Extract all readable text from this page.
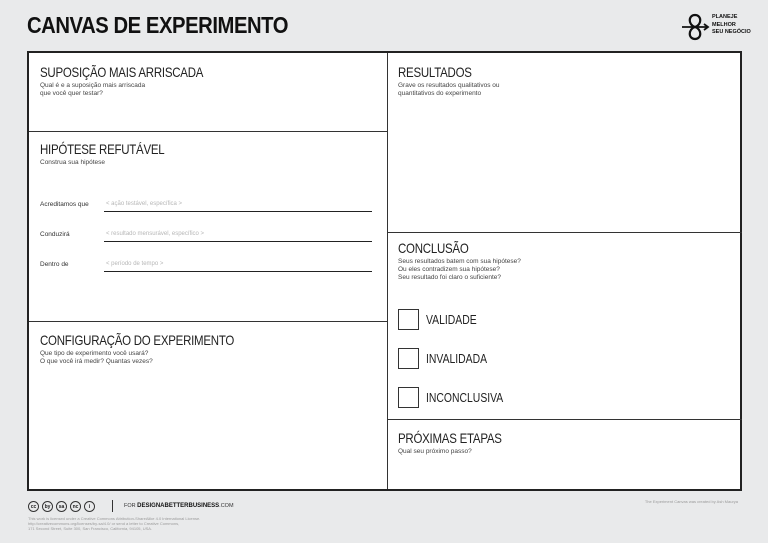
CANVAS DE EXPERIMENTO	PLANEJE
MELHOR
SEU NEGÓCIO
SUPOSIÇÃO MAIS ARRISCADA
Qual é e a suposição mais arriscada
que você quer testar?
HIPÓTESE REFUTÁVEL
Construa sua hipótese
Acreditamos que	< ação testável, específica >
Conduzirá	< resultado mensurável, específico >
Dentro de	< período de tempo >
CONFIGURAÇÃO DO EXPERIMENTO
Que tipo de experimento você usará?
O que você irá medir? Quantas vezes?
RESULTADOS
Grave os resultados qualitativos ou
quantitativos do experimento
CONCLUSÃO
Seus resultados batem com sua hipótese?
Ou eles contradizem sua hipótese?
Seu resultado foi claro o suficiente?
VALIDADE
INVALIDADA
INCONCLUSIVA
PRÓXIMAS ETAPAS
Qual seu próximo passo?
cc	by	sa	nc	i	FOR DESIGNABETTERBUSINESS.COM
This work is licensed under a Creative Commons Attribution-ShareAlike 4.0 International License.
http://creativecommons.org/licenses/by-sa/4.0/ or send a letter to Creative Commons,
171 Second Street, Suite 300, San Francisco, California, 94105, USA.
The Experiment Canvas was created by Ash Maurya
